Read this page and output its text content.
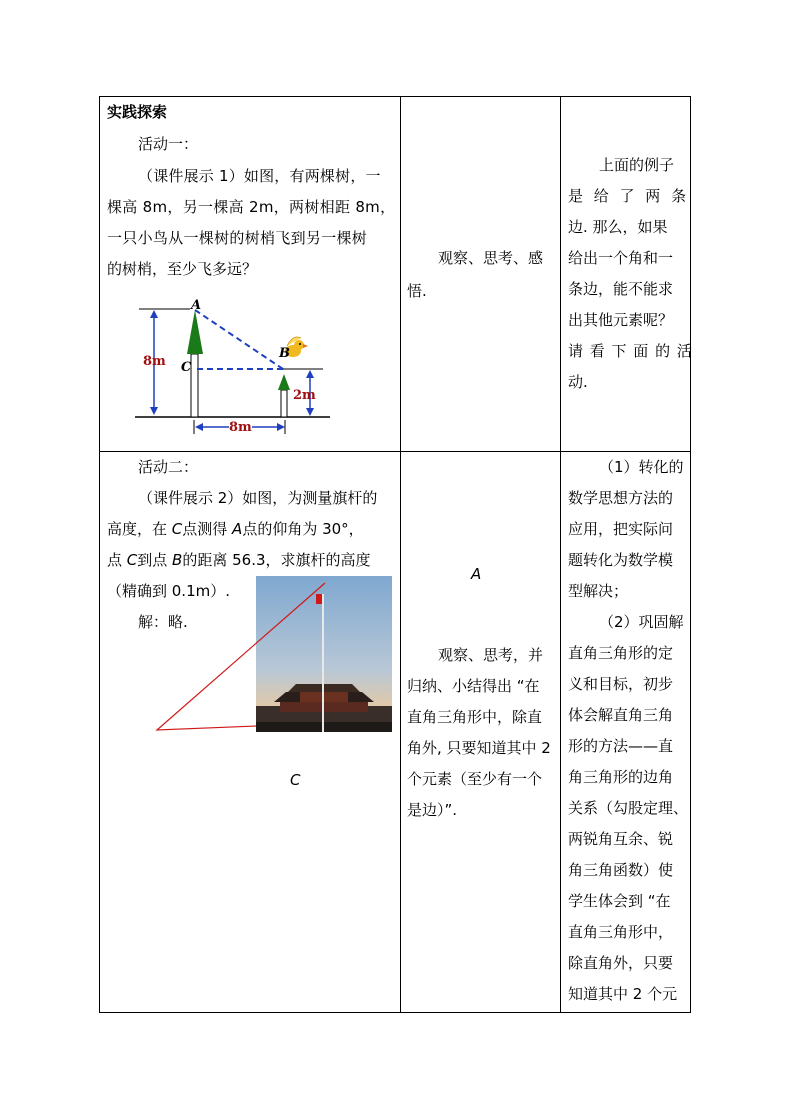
实践探索
活动一：
（课件展示 1）如图，有两棵树，一
棵高 8m，另一棵高 2m，两树相距 8m，
一只小鸟从一棵树的树梢飞到另一棵树
的树梢，至少飞多远？
A
B
C
8m
2m
8m
观察、思考、感
悟.
上面的例子
是 给 了 两 条
边. 那么，如果
给出一个角和一
条边，能不能求
出其他元素呢？
请 看 下 面 的 活
动.
活动二：
（课件展示 2）如图，为测量旗杆的
高度，在 C点测得 A点的仰角为 30°，
点 C到点 B的距离 56.3，求旗杆的高度
（精确到 0.1m）.
解：略.
C
A
观察、思考，并
归纳、小结得出 “在
直角三角形中，除直
角外, 只要知道其中 2
个元素（至少有一个
是边）”.
（1）转化的
数学思想方法的
应用，把实际问
题转化为数学模
型解决；
（2）巩固解
直角三角形的定
义和目标，初步
体会解直角三角
形的方法——直
角三角形的边角
关系（勾股定理、
两锐角互余、锐
角三角函数）使
学生体会到 “在
直角三角形中，
除直角外，只要
知道其中 2 个元
